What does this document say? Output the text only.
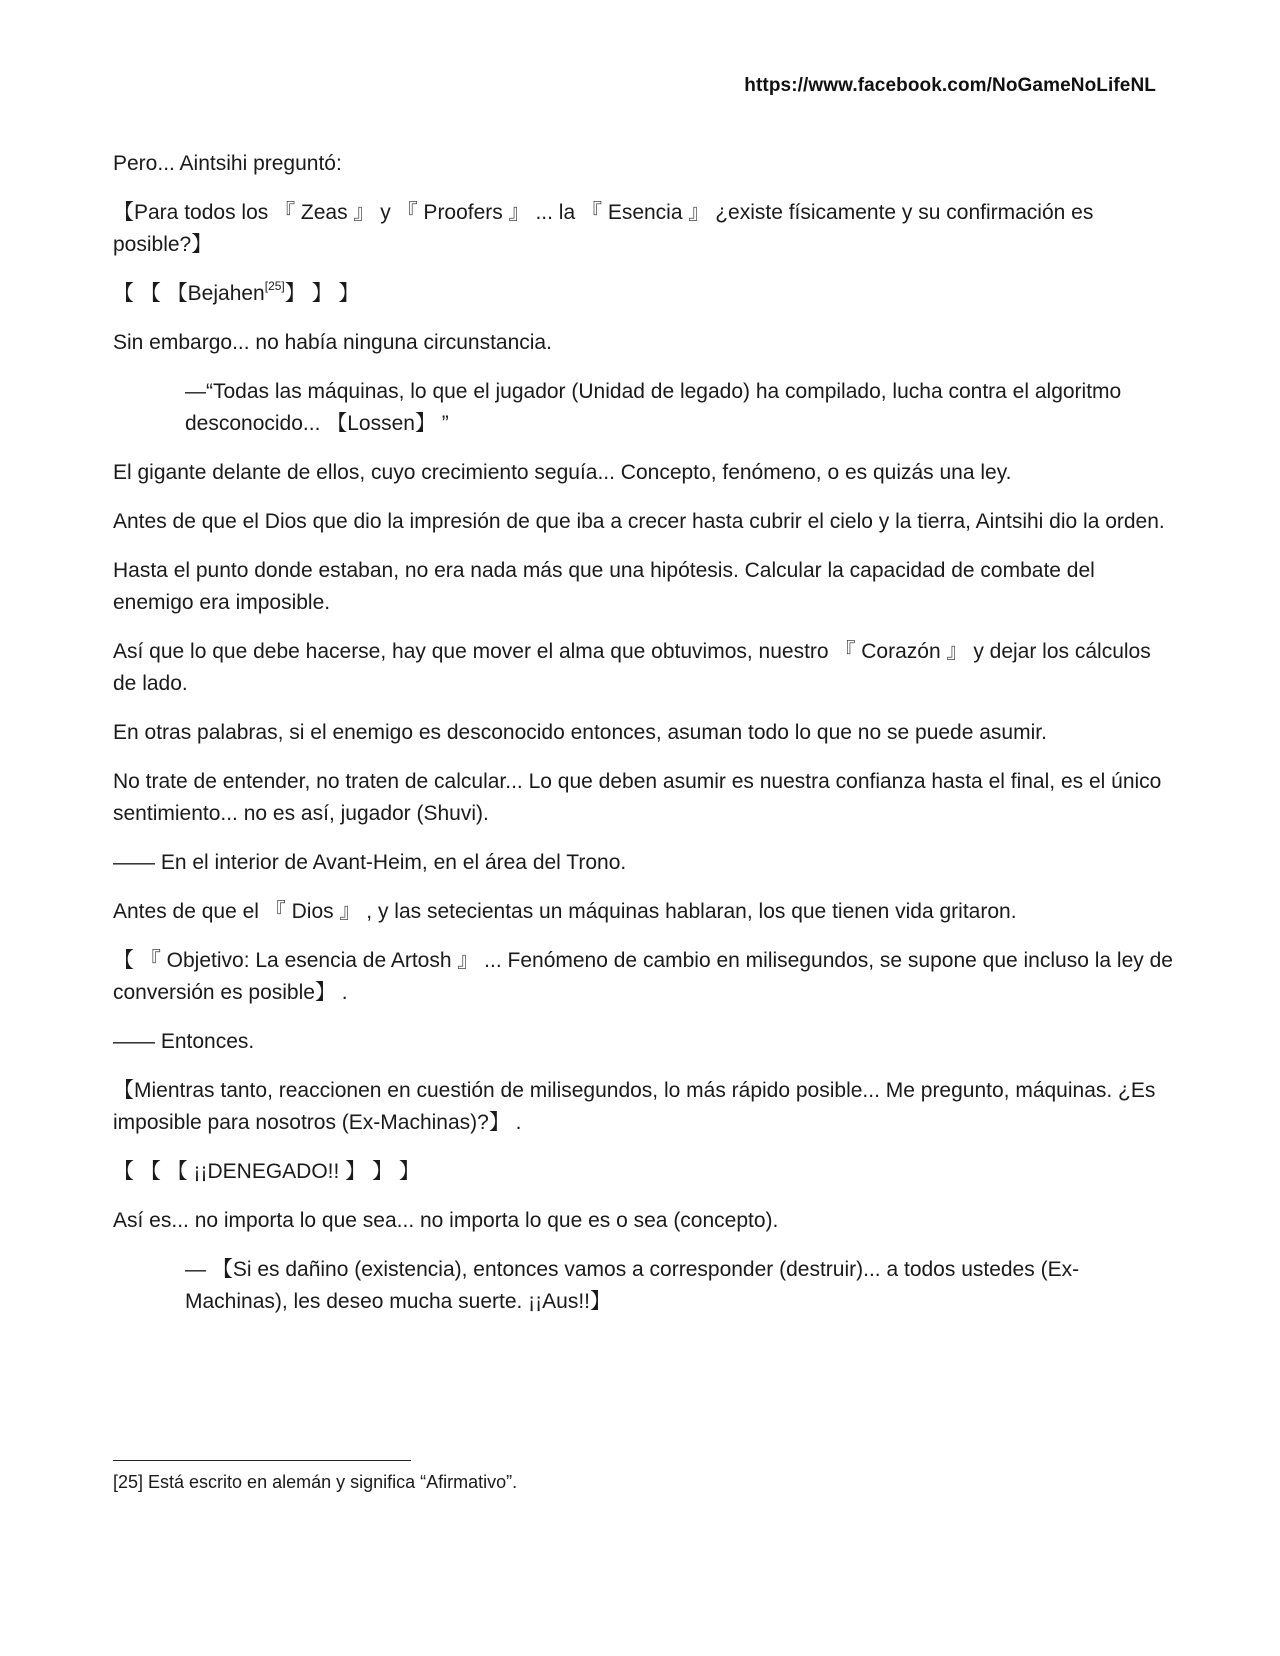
https://www.facebook.com/NoGameNoLifeNL

Pero... Aintsihi preguntó:

【Para todos los 『 Zeas 』 y 『 Proofers 』 ... la 『 Esencia 』 ¿existe físicamente y su confirmación es posible?】

【 【 【Bejahen[25]】 】 】

Sin embargo... no había ninguna circunstancia.

—“Todas las máquinas, lo que el jugador (Unidad de legado) ha compilado, lucha contra el algoritmo desconocido... 【Lossen】 ”

El gigante delante de ellos, cuyo crecimiento seguía... Concepto, fenómeno, o es quizás una ley.

Antes de que el Dios que dio la impresión de que iba a crecer hasta cubrir el cielo y la tierra, Aintsihi dio la orden.

Hasta el punto donde estaban, no era nada más que una hipótesis. Calcular la capacidad de combate del enemigo era imposible.

Así que lo que debe hacerse, hay que mover el alma que obtuvimos, nuestro 『 Corazón 』 y dejar los cálculos de lado.

En otras palabras, si el enemigo es desconocido entonces, asuman todo lo que no se puede asumir.

No trate de entender, no traten de calcular... Lo que deben asumir es nuestra confianza hasta el final, es el único sentimiento... no es así, jugador (Shuvi).

—— En el interior de Avant-Heim, en el área del Trono.

Antes de que el 『 Dios 』 , y las setecientas un máquinas hablaran, los que tienen vida gritaron.

【 『 Objetivo: La esencia de Artosh 』 ... Fenómeno de cambio en milisegundos, se supone que incluso la ley de conversión es posible】 .

—— Entonces.

【Mientras tanto, reaccionen en cuestión de milisegundos, lo más rápido posible... Me pregunto, máquinas. ¿Es imposible para nosotros (Ex-Machinas)?】 .

【 【 【 ¡¡DENEGADO!! 】 】 】

Así es... no importa lo que sea... no importa lo que es o sea (concepto).

— 【Si es dañino (existencia), entonces vamos a corresponder (destruir)... a todos ustedes (Ex-Machinas), les deseo mucha suerte. ¡¡Aus!!】

[25] Está escrito en alemán y significa “Afirmativo”.
